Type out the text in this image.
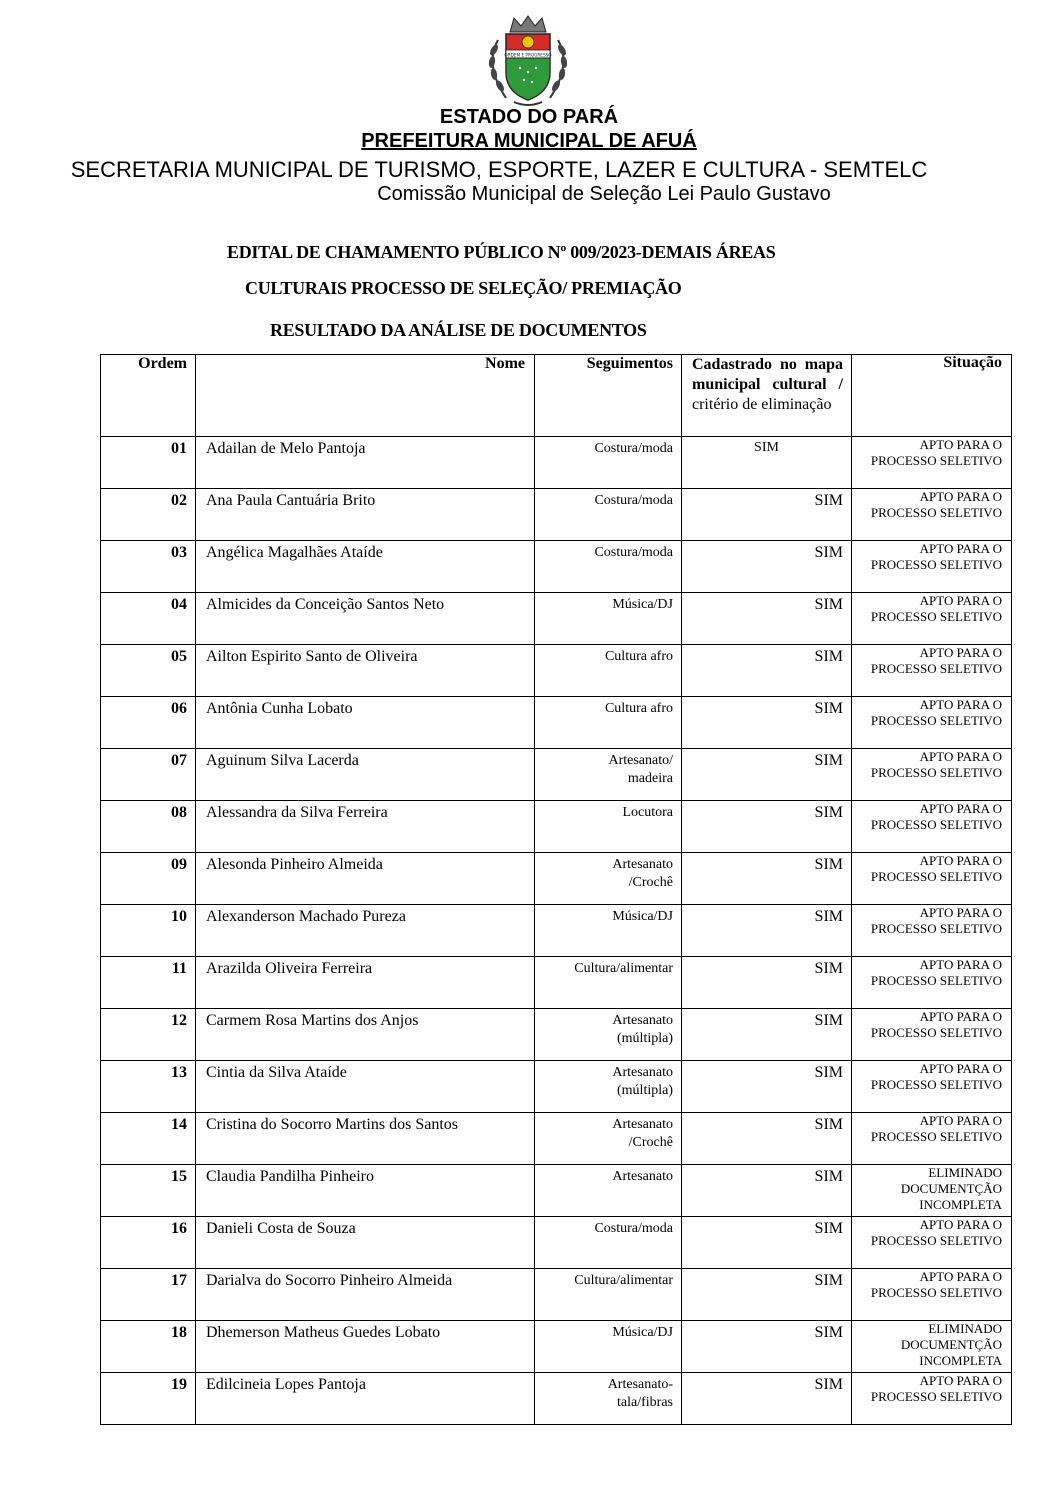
ORDEM E PROGRESSO
ESTADO DO PARÁ
PREFEITURA MUNICIPAL DE AFUÁ
SECRETARIA MUNICIPAL DE TURISMO, ESPORTE, LAZER E CULTURA - SEMTELC
Comissão Municipal de Seleção Lei Paulo Gustavo
EDITAL DE CHAMAMENTO PÚBLICO Nº 009/2023-DEMAIS ÁREAS
CULTURAIS PROCESSO DE SELEÇÃO/ PREMIAÇÃO
RESULTADO DA ANÁLISE DE DOCUMENTOS
Ordem	Nome	Seguimentos	Cadastrado no mapa municipal cultural / critério de eliminação	Situação
01	Adailan de Melo Pantoja	Costura/moda	SIM	APTO PARA O PROCESSO SELETIVO
02	Ana Paula Cantuária Brito	Costura/moda	SIM	APTO PARA O PROCESSO SELETIVO
03	Angélica Magalhães Ataíde	Costura/moda	SIM	APTO PARA O PROCESSO SELETIVO
04	Almicides da Conceição Santos Neto	Música/DJ	SIM	APTO PARA O PROCESSO SELETIVO
05	Ailton Espirito Santo de Oliveira	Cultura afro	SIM	APTO PARA O PROCESSO SELETIVO
06	Antônia Cunha Lobato	Cultura afro	SIM	APTO PARA O PROCESSO SELETIVO
07	Aguinum Silva Lacerda	Artesanato/
madeira	SIM	APTO PARA O PROCESSO SELETIVO
08	Alessandra da Silva Ferreira	Locutora	SIM	APTO PARA O PROCESSO SELETIVO
09	Alesonda Pinheiro Almeida	Artesanato
/Crochê	SIM	APTO PARA O PROCESSO SELETIVO
10	Alexanderson Machado Pureza	Música/DJ	SIM	APTO PARA O PROCESSO SELETIVO
11	Arazilda Oliveira Ferreira	Cultura/alimentar	SIM	APTO PARA O PROCESSO SELETIVO
12	Carmem Rosa Martins dos Anjos	Artesanato
(múltipla)	SIM	APTO PARA O PROCESSO SELETIVO
13	Cintia da Silva Ataíde	Artesanato
(múltipla)	SIM	APTO PARA O PROCESSO SELETIVO
14	Cristina do Socorro Martins dos Santos	Artesanato
/Crochê	SIM	APTO PARA O PROCESSO SELETIVO
15	Claudia Pandilha Pinheiro	Artesanato	SIM	ELIMINADO DOCUMENTÇÃO INCOMPLETA
16	Danieli Costa de Souza	Costura/moda	SIM	APTO PARA O PROCESSO SELETIVO
17	Darialva do Socorro Pinheiro Almeida	Cultura/alimentar	SIM	APTO PARA O PROCESSO SELETIVO
18	Dhemerson Matheus Guedes Lobato	Música/DJ	SIM	ELIMINADO DOCUMENTÇÃO INCOMPLETA
19	Edilcineia Lopes Pantoja	Artesanato-
tala/fibras	SIM	APTO PARA O PROCESSO SELETIVO
